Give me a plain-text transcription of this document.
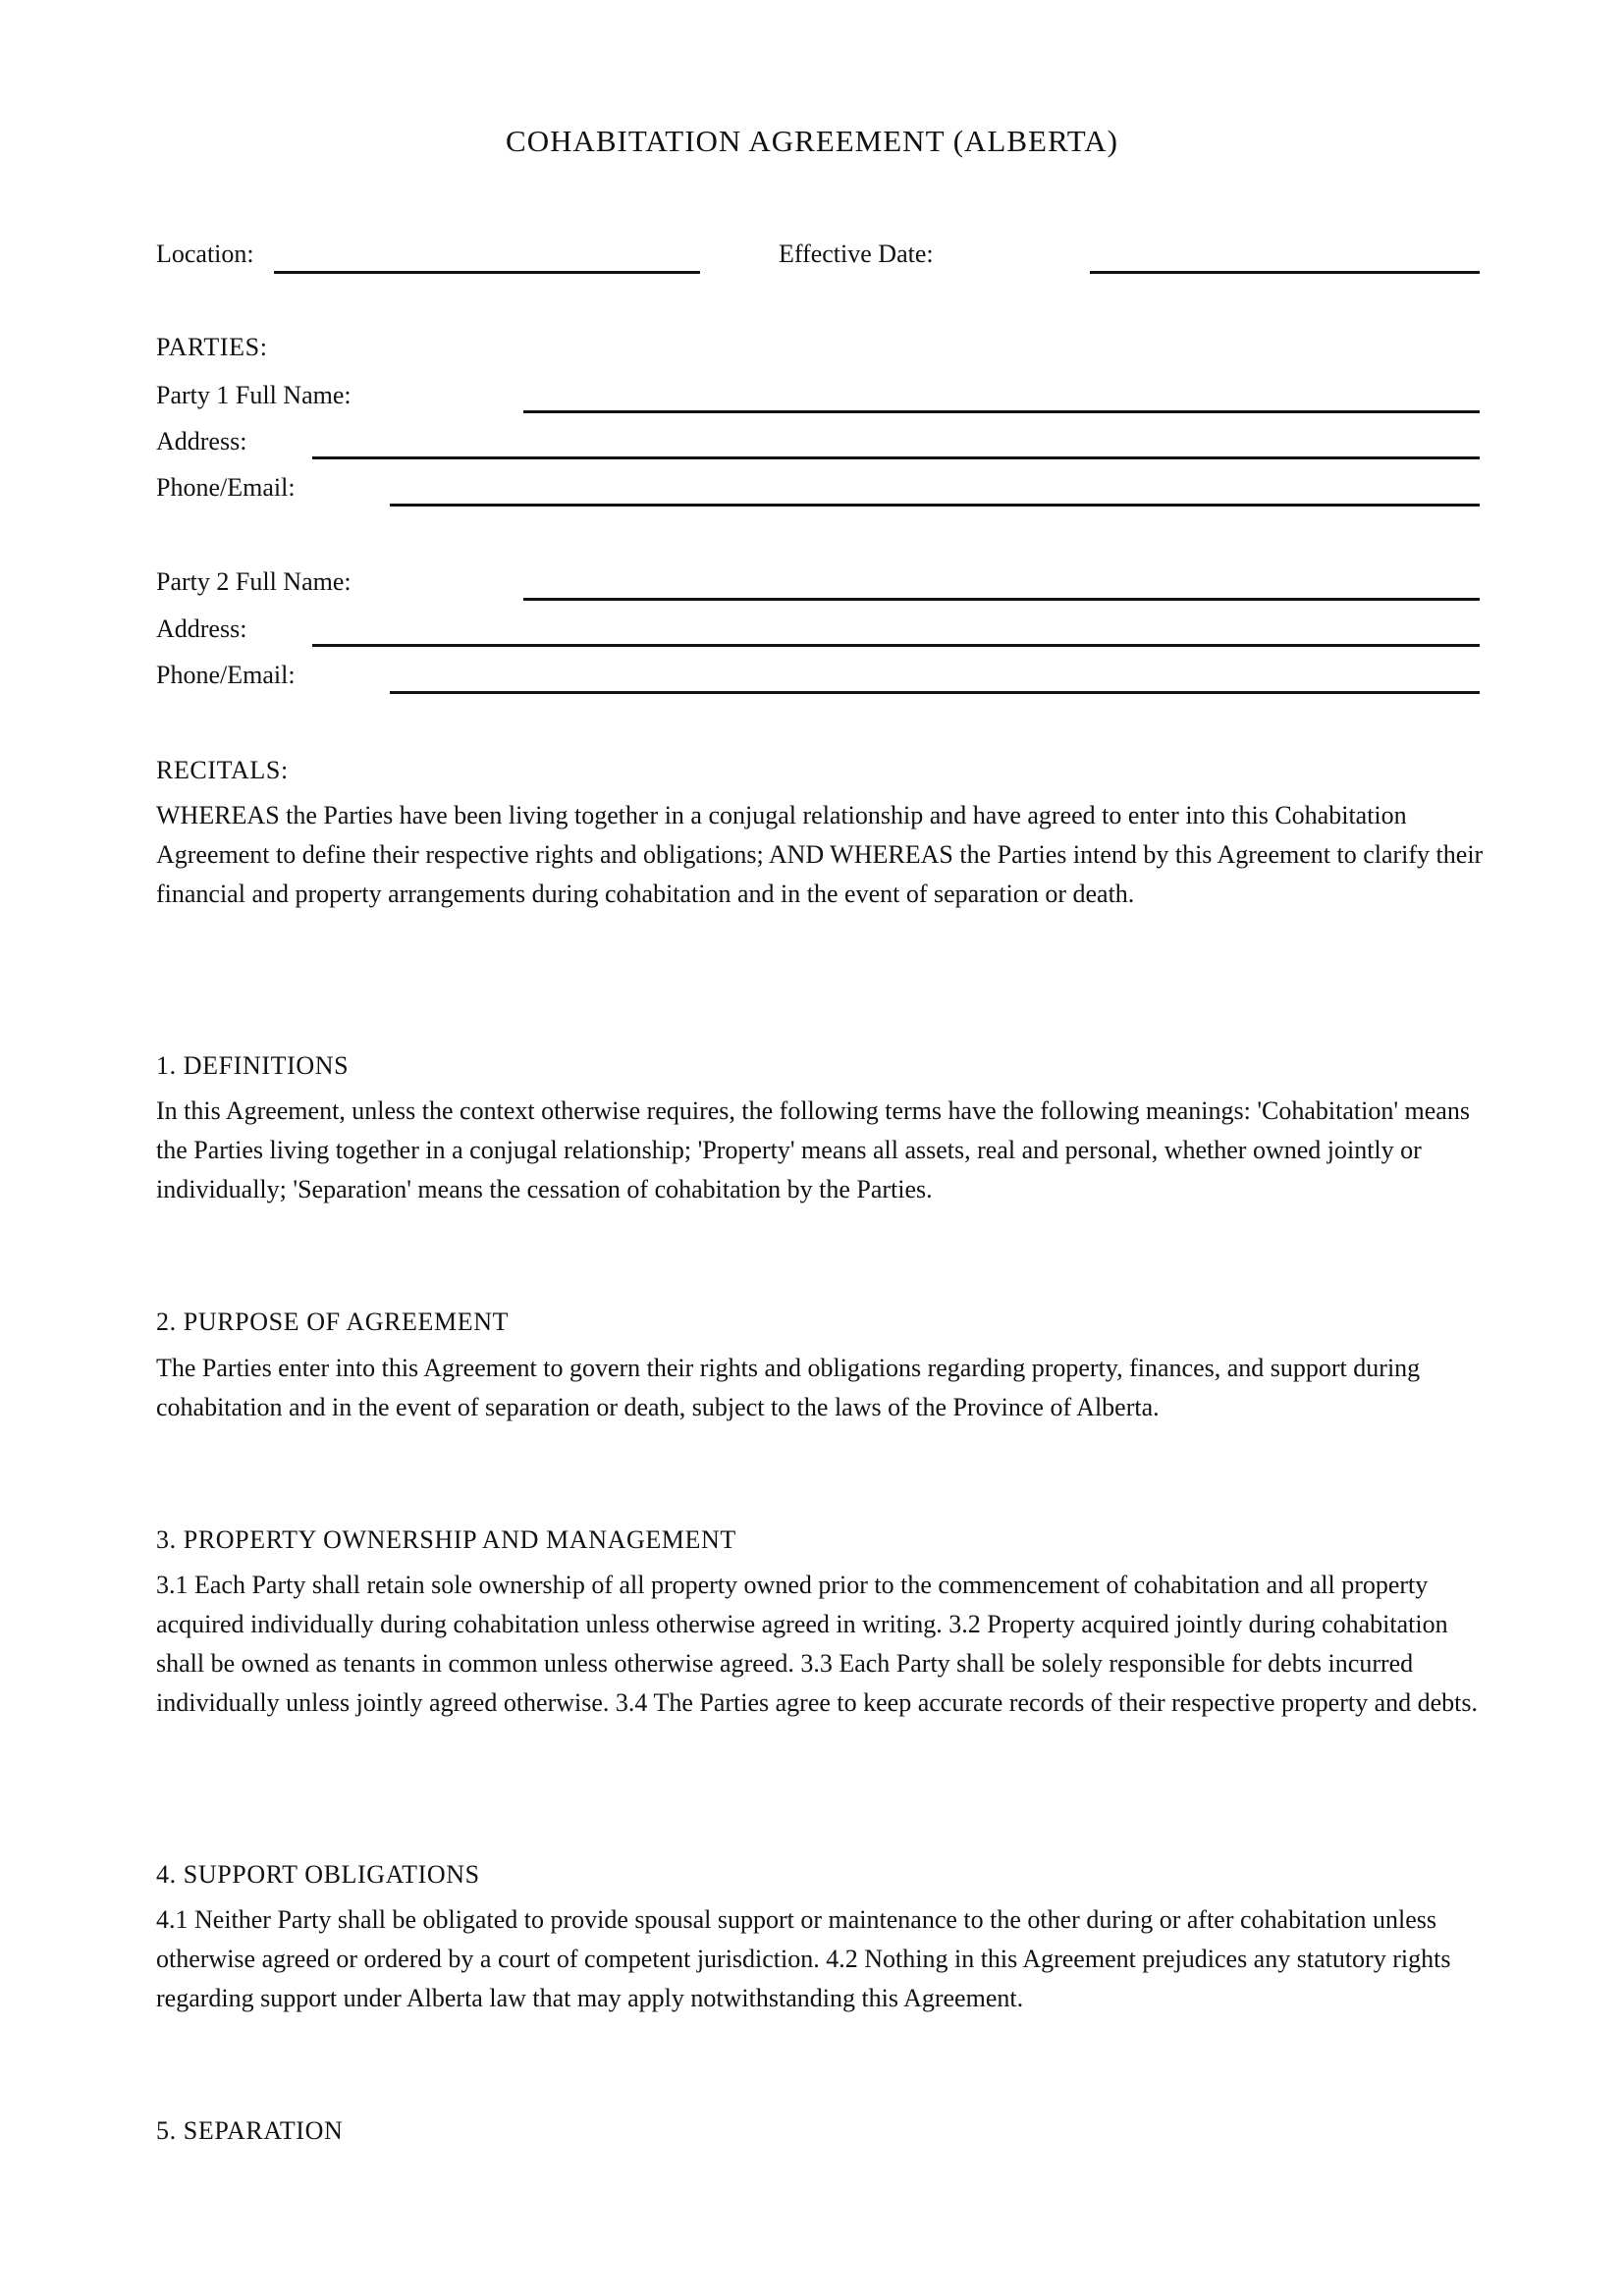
COHABITATION AGREEMENT (ALBERTA)
Location:	Effective Date:
PARTIES:
Party 1 Full Name:
Address:
Phone/Email:
Party 2 Full Name:
Address:
Phone/Email:
RECITALS:
WHEREAS the Parties have been living together in a conjugal relationship and have agreed to enter into this Cohabitation Agreement to define their respective rights and obligations; AND WHEREAS the Parties intend by this Agreement to clarify their financial and property arrangements during cohabitation and in the event of separation or death.
1. DEFINITIONS
In this Agreement, unless the context otherwise requires, the following terms have the following meanings: 'Cohabitation' means the Parties living together in a conjugal relationship; 'Property' means all assets, real and personal, whether owned jointly or individually; 'Separation' means the cessation of cohabitation by the Parties.
2. PURPOSE OF AGREEMENT
The Parties enter into this Agreement to govern their rights and obligations regarding property, finances, and support during cohabitation and in the event of separation or death, subject to the laws of the Province of Alberta.
3. PROPERTY OWNERSHIP AND MANAGEMENT
3.1 Each Party shall retain sole ownership of all property owned prior to the commencement of cohabitation and all property acquired individually during cohabitation unless otherwise agreed in writing. 3.2 Property acquired jointly during cohabitation shall be owned as tenants in common unless otherwise agreed. 3.3 Each Party shall be solely responsible for debts incurred individually unless jointly agreed otherwise. 3.4 The Parties agree to keep accurate records of their respective property and debts.
4. SUPPORT OBLIGATIONS
4.1 Neither Party shall be obligated to provide spousal support or maintenance to the other during or after cohabitation unless otherwise agreed or ordered by a court of competent jurisdiction. 4.2 Nothing in this Agreement prejudices any statutory rights regarding support under Alberta law that may apply notwithstanding this Agreement.
5. SEPARATION
